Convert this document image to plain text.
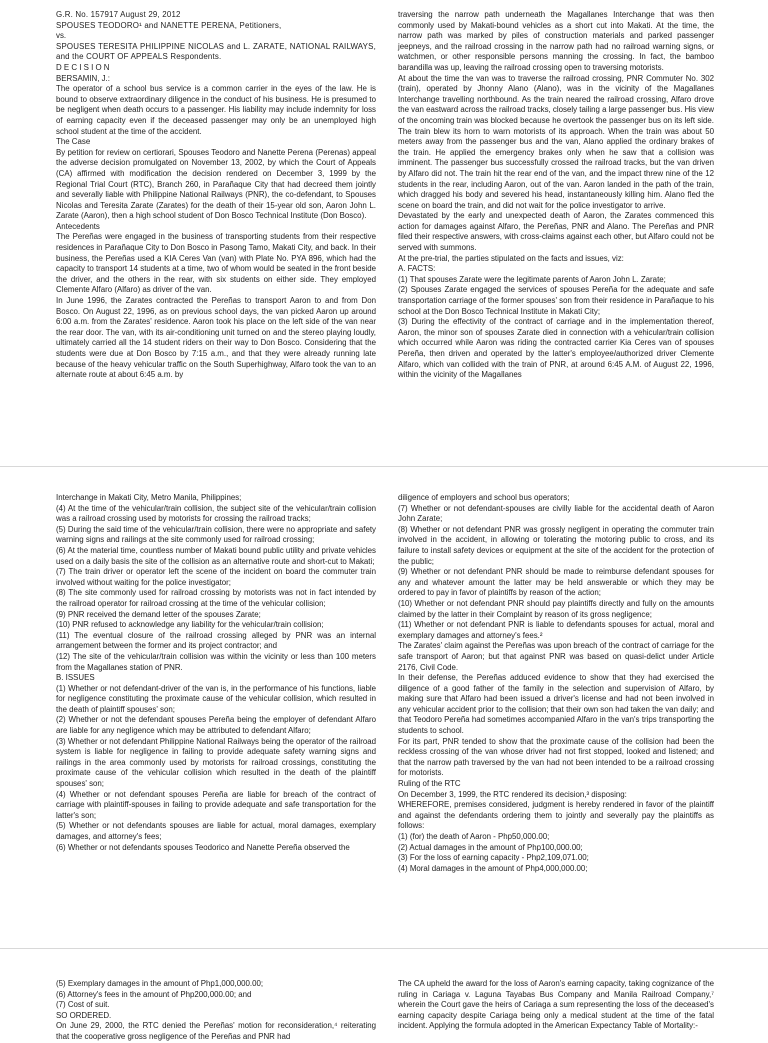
G.R. No. 157917 August 29, 2012

SPOUSES TEODORO¹ and NANETTE PERENA, Petitioners,

vs.

SPOUSES TERESITA PHILIPPINE NICOLAS and L. ZARATE, NATIONAL RAILWAYS, and the COURT OF APPEALS Respondents.

D E C I S I O N

BERSAMIN, J.:

The operator of a school bus service is a common carrier in the eyes of the law. He is bound to observe extraordinary diligence in the conduct of his business. He is presumed to be negligent when death occurs to a passenger. His liability may include indemnity for loss of earning capacity even if the deceased passenger may only be an unemployed high school student at the time of the accident.

The Case

By petition for review on certiorari, Spouses Teodoro and Nanette Perena (Perenas) appeal the adverse decision promulgated on November 13, 2002, by which the Court of Appeals (CA) affirmed with modification the decision rendered on December 3, 1999 by the Regional Trial Court (RTC), Branch 260, in Parañaque City that had decreed them jointly and severally liable with Philippine National Railways (PNR), the co-defendant, to Spouses Nicolas and Teresita Zarate (Zarates) for the death of their 15-year old son, Aaron John L. Zarate (Aaron), then a high school student of Don Bosco Technical Institute (Don Bosco).

Antecedents

The Pereñas were engaged in the business of transporting students from their respective residences in Parañaque City to Don Bosco in Pasong Tamo, Makati City, and back. In their business, the Pereñas used a KIA Ceres Van (van) with Plate No. PYA 896, which had the capacity to transport 14 students at a time, two of whom would be seated in the front beside the driver, and the others in the rear, with six students on either side. They employed Clemente Alfaro (Alfaro) as driver of the van.

In June 1996, the Zarates contracted the Pereñas to transport Aaron to and from Don Bosco. On August 22, 1996, as on previous school days, the van picked Aaron up around 6:00 a.m. from the Zarates' residence. Aaron took his place on the left side of the van near the rear door. The van, with its air-conditioning unit turned on and the stereo playing loudly, ultimately carried all the 14 student riders on their way to Don Bosco. Considering that the students were due at Don Bosco by 7:15 a.m., and that they were already running late because of the heavy vehicular traffic on the South Superhighway, Alfaro took the van to an alternate route at about 6:45 a.m. by

traversing the narrow path underneath the Magallanes Interchange that was then commonly used by Makati-bound vehicles as a short cut into Makati. At the time, the narrow path was marked by piles of construction materials and parked passenger jeepneys, and the railroad crossing in the narrow path had no railroad warning signs, or watchmen, or other responsible persons manning the crossing. In fact, the bamboo barandilla was up, leaving the railroad crossing open to traversing motorists.

At about the time the van was to traverse the railroad crossing, PNR Commuter No. 302 (train), operated by Jhonny Alano (Alano), was in the vicinity of the Magallanes Interchange travelling northbound. As the train neared the railroad crossing, Alfaro drove the van eastward across the railroad tracks, closely tailing a large passenger bus. His view of the oncoming train was blocked because he overtook the passenger bus on its left side. The train blew its horn to warn motorists of its approach. When the train was about 50 meters away from the passenger bus and the van, Alano applied the ordinary brakes of the train. He applied the emergency brakes only when he saw that a collision was imminent. The passenger bus successfully crossed the railroad tracks, but the van driven by Alfaro did not. The train hit the rear end of the van, and the impact threw nine of the 12 students in the rear, including Aaron, out of the van. Aaron landed in the path of the train, which dragged his body and severed his head, instantaneously killing him. Alano fled the scene on board the train, and did not wait for the police investigator to arrive.

Devastated by the early and unexpected death of Aaron, the Zarates commenced this action for damages against Alfaro, the Pereñas, PNR and Alano. The Pereñas and PNR filed their respective answers, with cross-claims against each other, but Alfaro could not be served with summons.

At the pre-trial, the parties stipulated on the facts and issues, viz:

A. FACTS:

(1) That spouses Zarate were the legitimate parents of Aaron John L. Zarate;

(2) Spouses Zarate engaged the services of spouses Pereña for the adequate and safe transportation carriage of the former spouses' son from their residence in Parañaque to his school at the Don Bosco Technical Institute in Makati City;

(3) During the effectivity of the contract of carriage and in the implementation thereof, Aaron, the minor son of spouses Zarate died in connection with a vehicular/train collision which occurred while Aaron was riding the contracted carrier Kia Ceres van of spouses Pereña, then driven and operated by the latter's employee/authorized driver Clemente Alfaro, which van collided with the train of PNR, at around 6:45 A.M. of August 22, 1996, within the vicinity of the Magallanes

Interchange in Makati City, Metro Manila, Philippines;

(4) At the time of the vehicular/train collision, the subject site of the vehicular/train collision was a railroad crossing used by motorists for crossing the railroad tracks;

(5) During the said time of the vehicular/train collision, there were no appropriate and safety warning signs and railings at the site commonly used for railroad crossing;

(6) At the material time, countless number of Makati bound public utility and private vehicles used on a daily basis the site of the collision as an alternative route and short-cut to Makati;

(7) The train driver or operator left the scene of the incident on board the commuter train involved without waiting for the police investigator;

(8) The site commonly used for railroad crossing by motorists was not in fact intended by the railroad operator for railroad crossing at the time of the vehicular collision;

(9) PNR received the demand letter of the spouses Zarate;

(10) PNR refused to acknowledge any liability for the vehicular/train collision;

(11) The eventual closure of the railroad crossing alleged by PNR was an internal arrangement between the former and its project contractor; and

(12) The site of the vehicular/train collision was within the vicinity or less than 100 meters from the Magallanes station of PNR.

B. ISSUES

(1) Whether or not defendant-driver of the van is, in the performance of his functions, liable for negligence constituting the proximate cause of the vehicular collision, which resulted in the death of plaintiff spouses' son;

(2) Whether or not the defendant spouses Pereña being the employer of defendant Alfaro are liable for any negligence which may be attributed to defendant Alfaro;

(3) Whether or not defendant Philippine National Railways being the operator of the railroad system is liable for negligence in failing to provide adequate safety warning signs and railings in the area commonly used by motorists for railroad crossings, constituting the proximate cause of the vehicular collision which resulted in the death of the plaintiff spouses' son;

(4) Whether or not defendant spouses Pereña are liable for breach of the contract of carriage with plaintiff-spouses in failing to provide adequate and safe transportation for the latter's son;

(5) Whether or not defendants spouses are liable for actual, moral damages, exemplary damages, and attorney's fees;

(6) Whether or not defendants spouses Teodorico and Nanette Pereña observed the

diligence of employers and school bus operators;

(7) Whether or not defendant-spouses are civilly liable for the accidental death of Aaron John Zarate;

(8) Whether or not defendant PNR was grossly negligent in operating the commuter train involved in the accident, in allowing or tolerating the motoring public to cross, and its failure to install safety devices or equipment at the site of the accident for the protection of the public;

(9) Whether or not defendant PNR should be made to reimburse defendant spouses for any and whatever amount the latter may be held answerable or which they may be ordered to pay in favor of plaintiffs by reason of the action;

(10) Whether or not defendant PNR should pay plaintiffs directly and fully on the amounts claimed by the latter in their Complaint by reason of its gross negligence;

(11) Whether or not defendant PNR is liable to defendants spouses for actual, moral and exemplary damages and attorney's fees.²

The Zarates' claim against the Pereñas was upon breach of the contract of carriage for the safe transport of Aaron; but that against PNR was based on quasi-delict under Article 2176, Civil Code.

In their defense, the Pereñas adduced evidence to show that they had exercised the diligence of a good father of the family in the selection and supervision of Alfaro, by making sure that Alfaro had been issued a driver's license and had not been involved in any vehicular accident prior to the collision; that their own son had taken the van daily; and that Teodoro Pereña had sometimes accompanied Alfaro in the van's trips transporting the students to school.

For its part, PNR tended to show that the proximate cause of the collision had been the reckless crossing of the van whose driver had not first stopped, looked and listened; and that the narrow path traversed by the van had not been intended to be a railroad crossing for motorists.

Ruling of the RTC

On December 3, 1999, the RTC rendered its decision,³ disposing:

WHEREFORE, premises considered, judgment is hereby rendered in favor of the plaintiff and against the defendants ordering them to jointly and severally pay the plaintiffs as follows:

(1) (for) the death of Aaron - Php50,000.00;

(2) Actual damages in the amount of Php100,000.00;

(3) For the loss of earning capacity - Php2,109,071.00;

(4) Moral damages in the amount of Php4,000,000.00;

(5) Exemplary damages in the amount of Php1,000,000.00;

(6) Attorney's fees in the amount of Php200,000.00; and

(7) Cost of suit.

SO ORDERED.

On June 29, 2000, the RTC denied the Pereñas' motion for reconsideration,⁴ reiterating that the cooperative gross negligence of the Pereñas and PNR had

The CA upheld the award for the loss of Aaron's earning capacity, taking cognizance of the ruling in Cariaga v. Laguna Tayabas Bus Company and Manila Railroad Company,⁷ wherein the Court gave the heirs of Cariaga a sum representing the loss of the deceased's earning capacity despite Cariaga being only a medical student at the time of the fatal incident. Applying the formula adopted in the American Expectancy Table of Mortality:-
